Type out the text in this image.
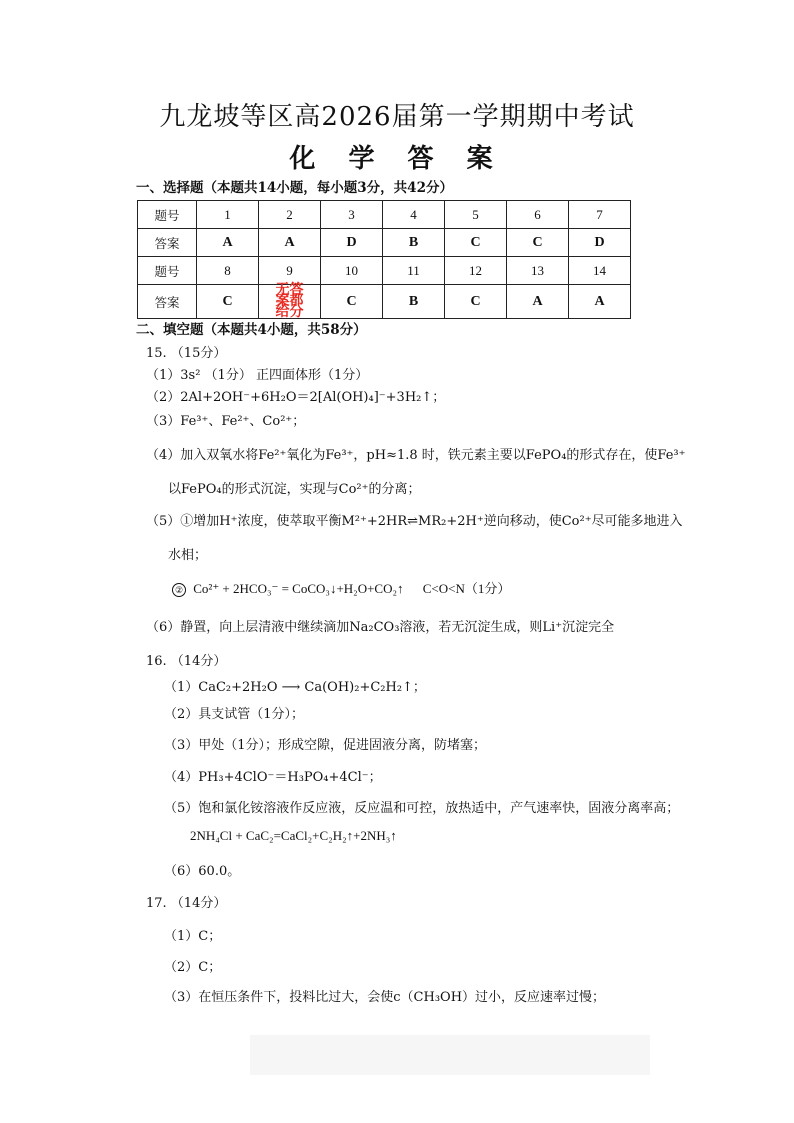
九龙坡等区高2026届第一学期期中考试
化 学 答 案
一、选择题（本题共14小题，每小题3分，共42分）
题号	1	2	3	4	5	6	7
答案	A	A	D	B	C	C	D
题号	8	9	10	11	12	13	14
答案	C	无答案都给分	C	B	C	A	A
二、填空题（本题共4小题，共58分）
15. （15分）
（1）3s² （1分） 正四面体形（1分）
（2）2Al+2OH⁻+6H₂O＝2[Al(OH)₄]⁻+3H₂↑；
（3）Fe³⁺、Fe²⁺、Co²⁺；
（4）加入双氧水将Fe²⁺氧化为Fe³⁺，pH≈1.8 时，铁元素主要以FePO₄的形式存在，使Fe³⁺
以FePO₄的形式沉淀，实现与Co²⁺的分离；
（5）①增加H⁺浓度，使萃取平衡M²⁺+2HR⇌MR₂+2H⁺逆向移动，使Co²⁺尽可能多地进入
水相；
② Co²⁺ + 2HCO₃⁻ = CoCO₃↓+H₂O+CO₂↑ C<O<N（1分）
（6）静置，向上层清液中继续滴加Na₂CO₃溶液，若无沉淀生成，则Li⁺沉淀完全
16. （14分）
（1）CaC₂+2H₂O ⟶ Ca(OH)₂+C₂H₂↑；
（2）具支试管（1分）；
（3）甲处（1分）；形成空隙，促进固液分离，防堵塞；
（4）PH₃+4ClO⁻＝H₃PO₄+4Cl⁻；
（5）饱和氯化铵溶液作反应液，反应温和可控，放热适中，产气速率快，固液分离率高；
2NH₄Cl + CaC₂=CaCl₂+C₂H₂↑+2NH₃↑
（6）60.0。
17. （14分）
（1）C；
（2）C；
（3）在恒压条件下，投料比过大，会使c（CH₃OH）过小，反应速率过慢；
